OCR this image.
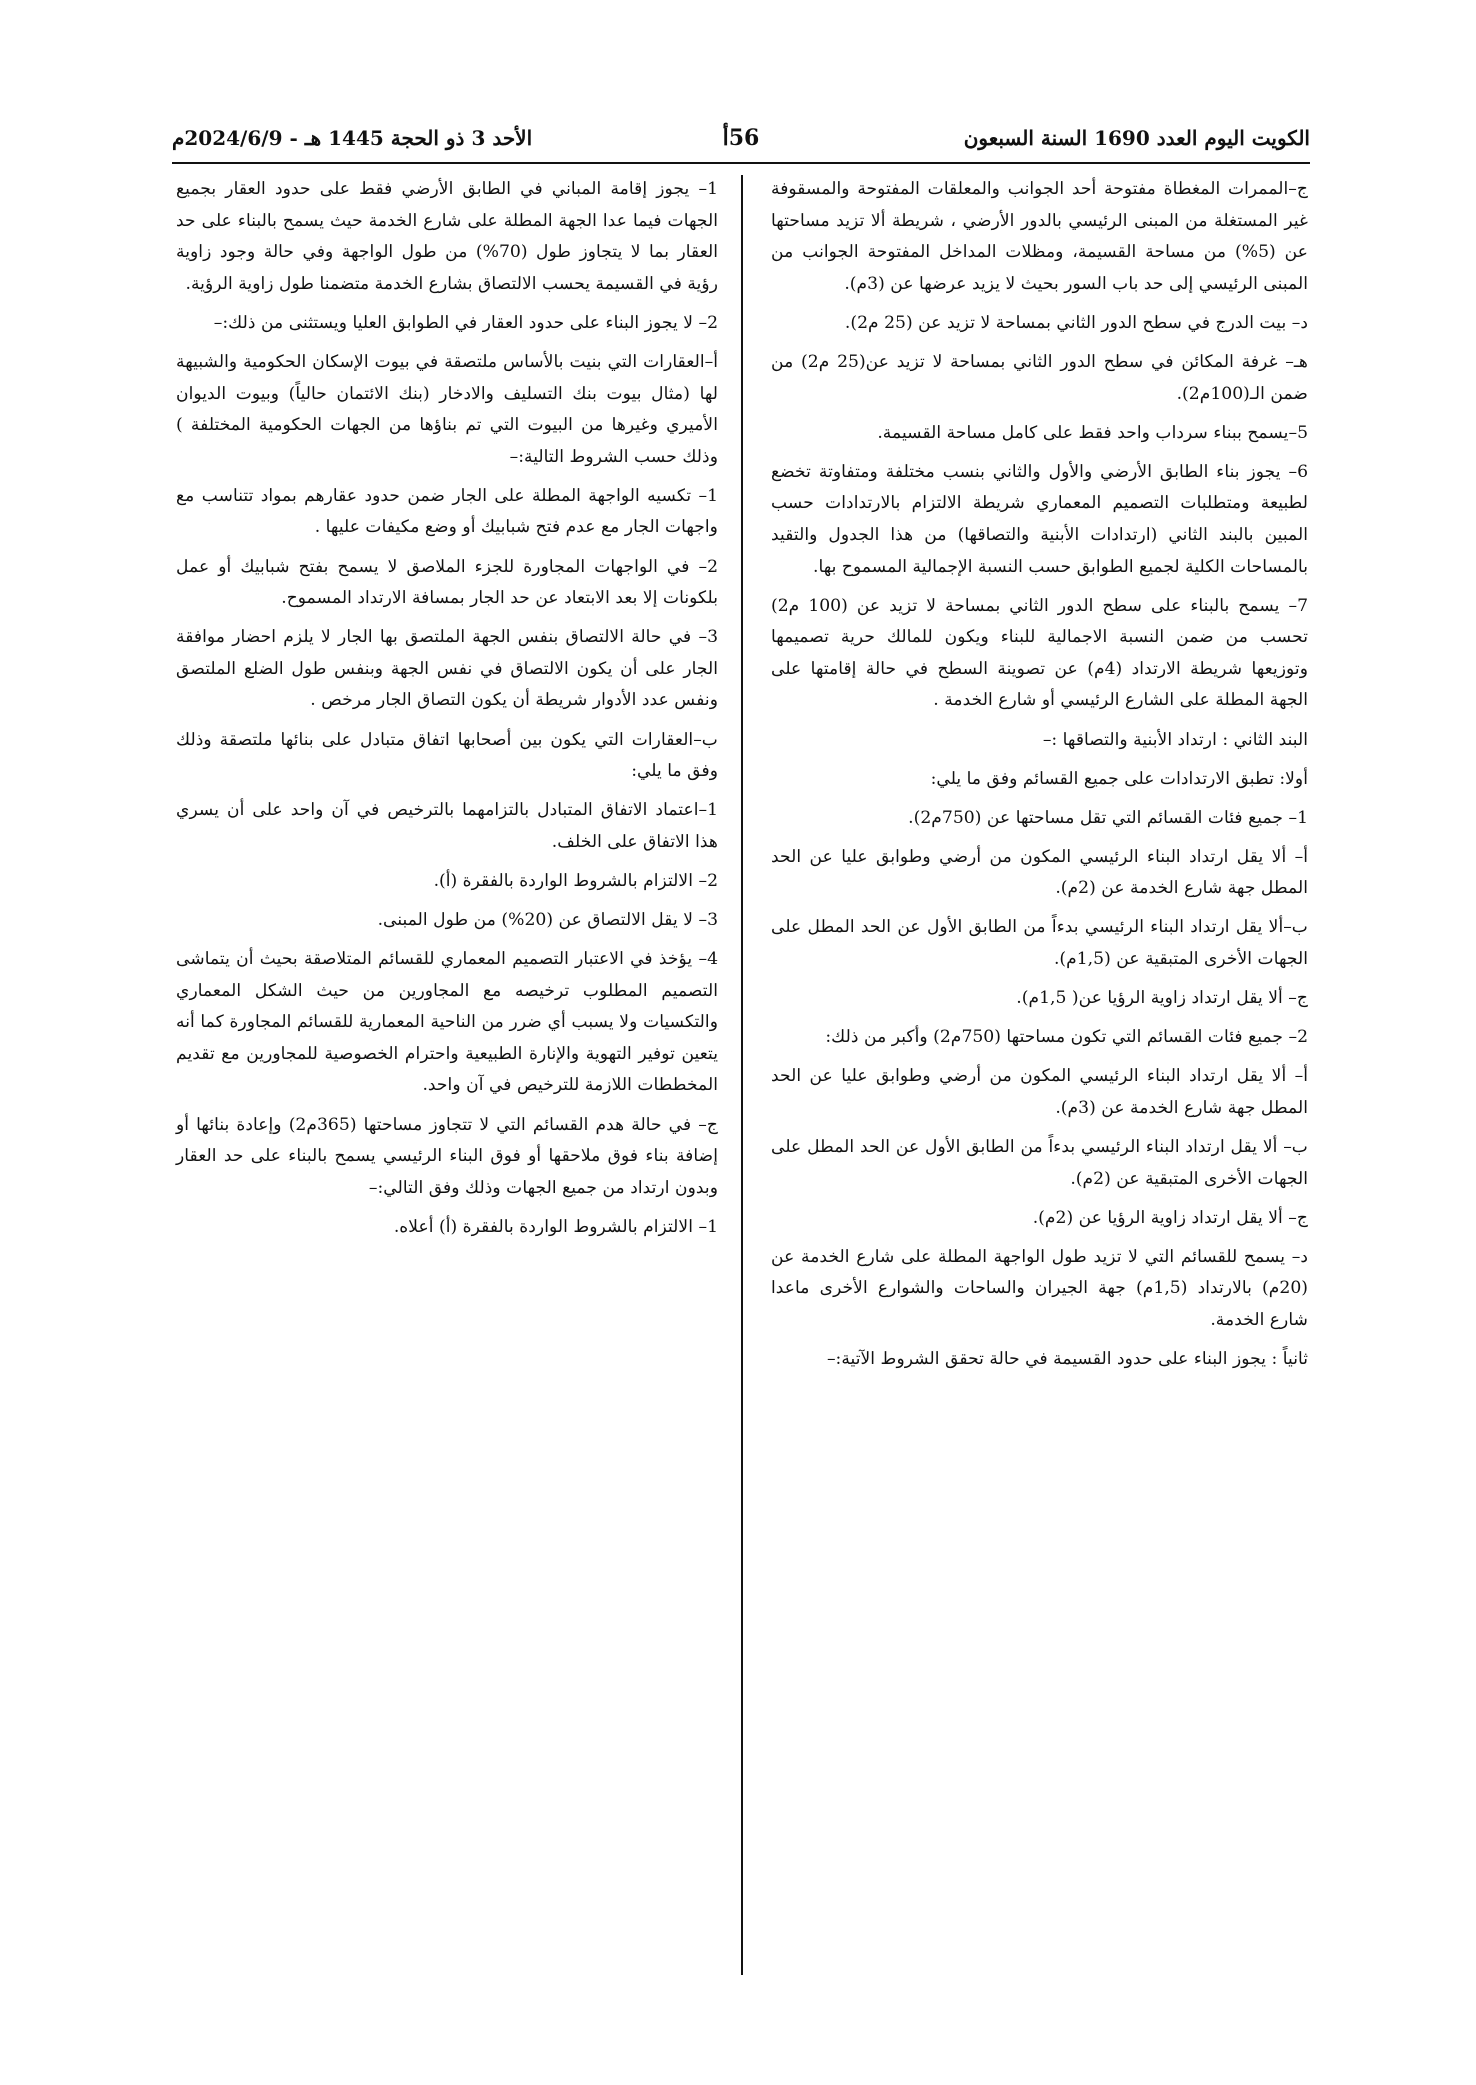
الكويت اليوم العدد 1690 السنة السبعون
56أ
الأحد 3 ذو الحجة 1445 هـ - 2024/6/9م

ج–الممرات المغطاة مفتوحة أحد الجوانب والمعلقات المفتوحة والمسقوفة غير المستغلة من المبنى الرئيسي بالدور الأرضي ، شريطة ألا تزيد مساحتها عن (5%) من مساحة القسيمة، ومظلات المداخل المفتوحة الجوانب من المبنى الرئيسي إلى حد باب السور بحيث لا يزيد عرضها عن (3م).

د– بيت الدرج في سطح الدور الثاني بمساحة لا تزيد عن (25 م2).

هـ– غرفة المكائن في سطح الدور الثاني بمساحة لا تزيد عن(25 م2) من ضمن الـ(100م2).

5–يسمح ببناء سرداب واحد فقط على كامل مساحة القسيمة.

6– يجوز بناء الطابق الأرضي والأول والثاني بنسب مختلفة ومتفاوتة تخضع لطبيعة ومتطلبات التصميم المعماري شريطة الالتزام بالارتدادات حسب المبين بالبند الثاني (ارتدادات الأبنية والتصاقها) من هذا الجدول والتقيد بالمساحات الكلية لجميع الطوابق حسب النسبة الإجمالية المسموح بها.

7– يسمح بالبناء على سطح الدور الثاني بمساحة لا تزيد عن (100 م2) تحسب من ضمن النسبة الاجمالية للبناء ويكون للمالك حرية تصميمها وتوزيعها شريطة الارتداد (4م) عن تصوينة السطح في حالة إقامتها على الجهة المطلة على الشارع الرئيسي أو شارع الخدمة .

البند الثاني : ارتداد الأبنية والتصاقها :–

أولا: تطبق الارتدادات على جميع القسائم وفق ما يلي:

1– جميع فئات القسائم التي تقل مساحتها عن (750م2).

أ– ألا يقل ارتداد البناء الرئيسي المكون من أرضي وطوابق عليا عن الحد المطل جهة شارع الخدمة عن (2م).

ب–ألا يقل ارتداد البناء الرئيسي بدءاً من الطابق الأول عن الحد المطل على الجهات الأخرى المتبقية عن (1,5م).

ج– ألا يقل ارتداد زاوية الرؤيا عن( 1,5م).

2– جميع فئات القسائم التي تكون مساحتها (750م2) وأكبر من ذلك:

أ– ألا يقل ارتداد البناء الرئيسي المكون من أرضي وطوابق عليا عن الحد المطل جهة شارع الخدمة عن (3م).

ب– ألا يقل ارتداد البناء الرئيسي بدءاً من الطابق الأول عن الحد المطل على الجهات الأخرى المتبقية عن (2م).

ج– ألا يقل ارتداد زاوية الرؤيا عن (2م).

د– يسمح للقسائم التي لا تزيد طول الواجهة المطلة على شارع الخدمة عن (20م) بالارتداد (1,5م) جهة الجيران والساحات والشوارع الأخرى ماعدا شارع الخدمة.

ثانياً : يجوز البناء على حدود القسيمة في حالة تحقق الشروط الآتية:–

1– يجوز إقامة المباني في الطابق الأرضي فقط على حدود العقار بجميع الجهات فيما عدا الجهة المطلة على شارع الخدمة حيث يسمح بالبناء على حد العقار بما لا يتجاوز طول (70%) من طول الواجهة وفي حالة وجود زاوية رؤية في القسيمة يحسب الالتصاق بشارع الخدمة متضمنا طول زاوية الرؤية.

2– لا يجوز البناء على حدود العقار في الطوابق العليا ويستثنى من ذلك:–

أ–العقارات التي بنيت بالأساس ملتصقة في بيوت الإسكان الحكومية والشبيهة لها (مثال بيوت بنك التسليف والادخار (بنك الائتمان حالياً) وبيوت الديوان الأميري وغيرها من البيوت التي تم بناؤها من الجهات الحكومية المختلفة ) وذلك حسب الشروط التالية:–

1– تكسيه الواجهة المطلة على الجار ضمن حدود عقارهم بمواد تتناسب مع واجهات الجار مع عدم فتح شبابيك أو وضع مكيفات عليها .

2– في الواجهات المجاورة للجزء الملاصق لا يسمح بفتح شبابيك أو عمل بلكونات إلا بعد الابتعاد عن حد الجار بمسافة الارتداد المسموح.

3– في حالة الالتصاق بنفس الجهة الملتصق بها الجار لا يلزم احضار موافقة الجار على أن يكون الالتصاق في نفس الجهة وبنفس طول الضلع الملتصق ونفس عدد الأدوار شريطة أن يكون التصاق الجار مرخص .

ب–العقارات التي يكون بين أصحابها اتفاق متبادل على بنائها ملتصقة وذلك وفق ما يلي:

1–اعتماد الاتفاق المتبادل بالتزامهما بالترخيص في آن واحد على أن يسري هذا الاتفاق على الخلف.

2– الالتزام بالشروط الواردة بالفقرة (أ).

3– لا يقل الالتصاق عن (20%) من طول المبنى.

4– يؤخذ في الاعتبار التصميم المعماري للقسائم المتلاصقة بحيث أن يتماشى التصميم المطلوب ترخيصه مع المجاورين من حيث الشكل المعماري والتكسيات ولا يسبب أي ضرر من الناحية المعمارية للقسائم المجاورة كما أنه يتعين توفير التهوية والإنارة الطبيعية واحترام الخصوصية للمجاورين مع تقديم المخططات اللازمة للترخيص في آن واحد.

ج– في حالة هدم القسائم التي لا تتجاوز مساحتها (365م2) وإعادة بنائها أو إضافة بناء فوق ملاحقها أو فوق البناء الرئيسي يسمح بالبناء على حد العقار وبدون ارتداد من جميع الجهات وذلك وفق التالي:–

1– الالتزام بالشروط الواردة بالفقرة (أ) أعلاه.
